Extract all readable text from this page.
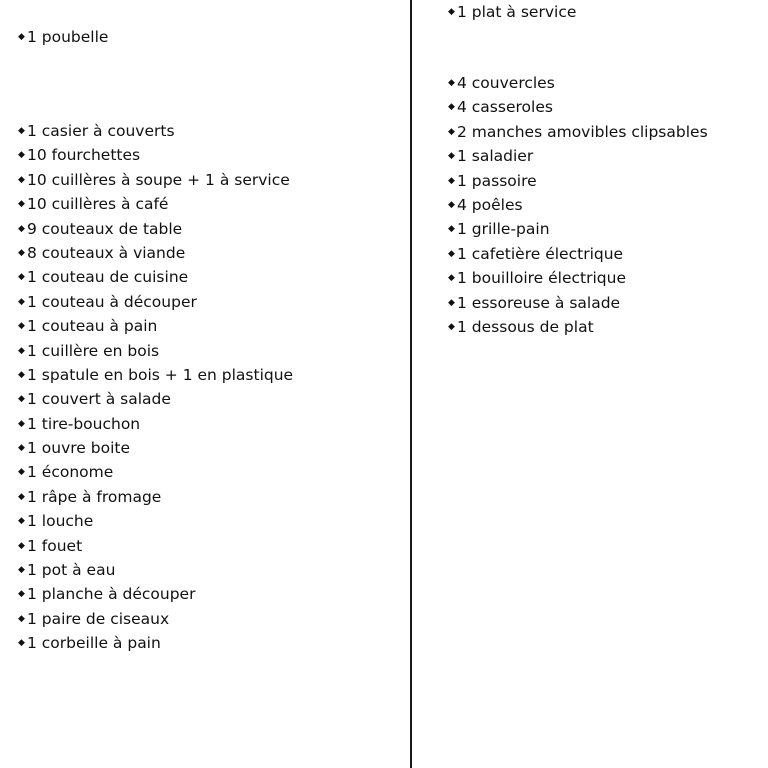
◆ 1 poubelle
◆ 1 casier à couverts
◆ 10 fourchettes
◆ 10 cuillères à soupe + 1 à service
◆ 10 cuillères à café
◆ 9 couteaux de table
◆ 8 couteaux à viande
◆ 1 couteau de cuisine
◆ 1 couteau à découper
◆ 1 couteau à pain
◆ 1 cuillère en bois
◆ 1 spatule en bois + 1 en plastique
◆ 1 couvert à salade
◆ 1 tire-bouchon
◆ 1 ouvre boite
◆ 1 économe
◆ 1 râpe à fromage
◆ 1 louche
◆ 1 fouet
◆ 1 pot à eau
◆ 1 planche à découper
◆ 1 paire de ciseaux
◆ 1 corbeille à pain
◆ 1 plat à service
◆ 4 couvercles
◆ 4 casseroles
◆ 2 manches amovibles clipsables
◆ 1 saladier
◆ 1 passoire
◆ 4 poêles
◆ 1 grille-pain
◆ 1 cafetière électrique
◆ 1 bouilloire électrique
◆ 1 essoreuse à salade
◆ 1 dessous de plat
